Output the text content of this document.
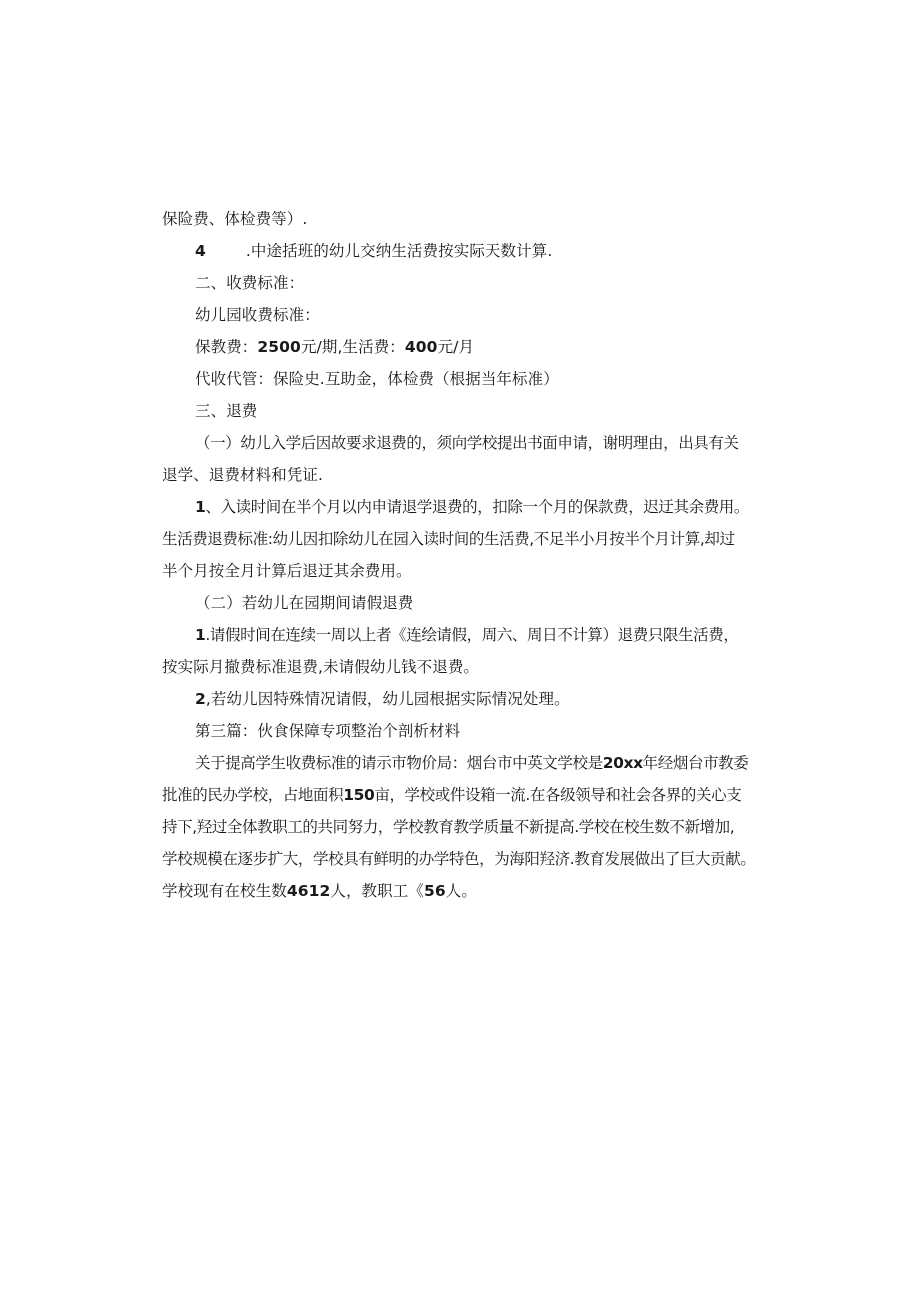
保险费、体检费等）.

4	.中途括班的幼儿交纳生活费按实际天数计算.

二、收费标准：

幼儿园收费标准：

保教费：2500元/期,生活费：400元/月

代收代管：保险史.互助金，体检费（根据当年标准）

三、退费

（一）幼儿入学后因故要求退费的，须向学校提出书面申请，谢明理由，出具有关

退学、退费材料和凭证.

1、入读时间在半个月以内申请退学退费的，扣除一个月的保款费，迟迂其余费用。

生活费退费标准:幼儿因扣除幼儿在园入读时间的生活费,不足半小月按半个月计算,却过

半个月按全月计算后退迂其余费用。

（二）若幼儿在园期间请假退费

1.请假时间在连续一周以上者《连绘请假，周六、周日不计算）退费只限生活费，

按实际月撤费标准退费,未请假幼儿钱不退费。

2,若幼儿因特殊情况请假，幼儿园根据实际情况处理。

第三篇：伙食保障专项整治个剖析材料

关于提高学生收费标准的请示市物价局：烟台市中英文学校是20xx年经烟台市教委

批准的民办学校，占地面积150亩，学校或件设箱一流.在各级领导和社会各界的关心支

持下,羟过全体教职工的共同努力，学校教育教学质量不新提高.学校在校生数不新增加,

学校规模在逐步扩大，学校具有鲜明的办学特色，为海阳羟济.教育发展做出了巨大贡献。

学校现有在校生数4612人，教职工《56人。
